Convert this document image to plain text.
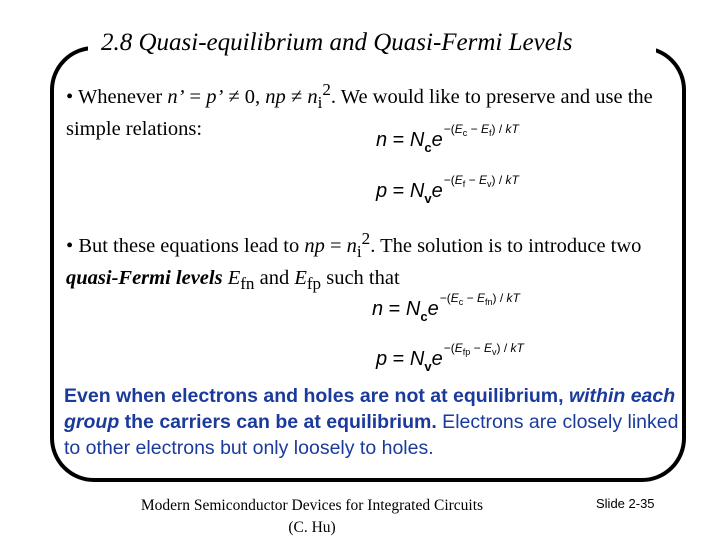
2.8 Quasi-equilibrium and Quasi-Fermi Levels
• Whenever n’ = p’ ≠ 0, np ≠ $n_i^2$. We would like to preserve and use the simple relations:
$n = N_ce^{-(E_c - E_f) / kT}$
$p = N_ve^{-(E_f - E_v) / kT}$
• But these equations lead to np = $n_i^2$. The solution is to introduce two quasi-Fermi levels $E_{fn}$ and $E_{fp}$ such that
$n = N_ce^{-(E_c - E_{fn}) / kT}$
$p = N_ve^{-(E_{fp} - E_v) / kT}$
Even when electrons and holes are not at equilibrium, within each group the carriers can be at equilibrium. Electrons are closely linked to other electrons but only loosely to holes.
Modern Semiconductor Devices for Integrated Circuits
(C. Hu)
Slide 2-35
